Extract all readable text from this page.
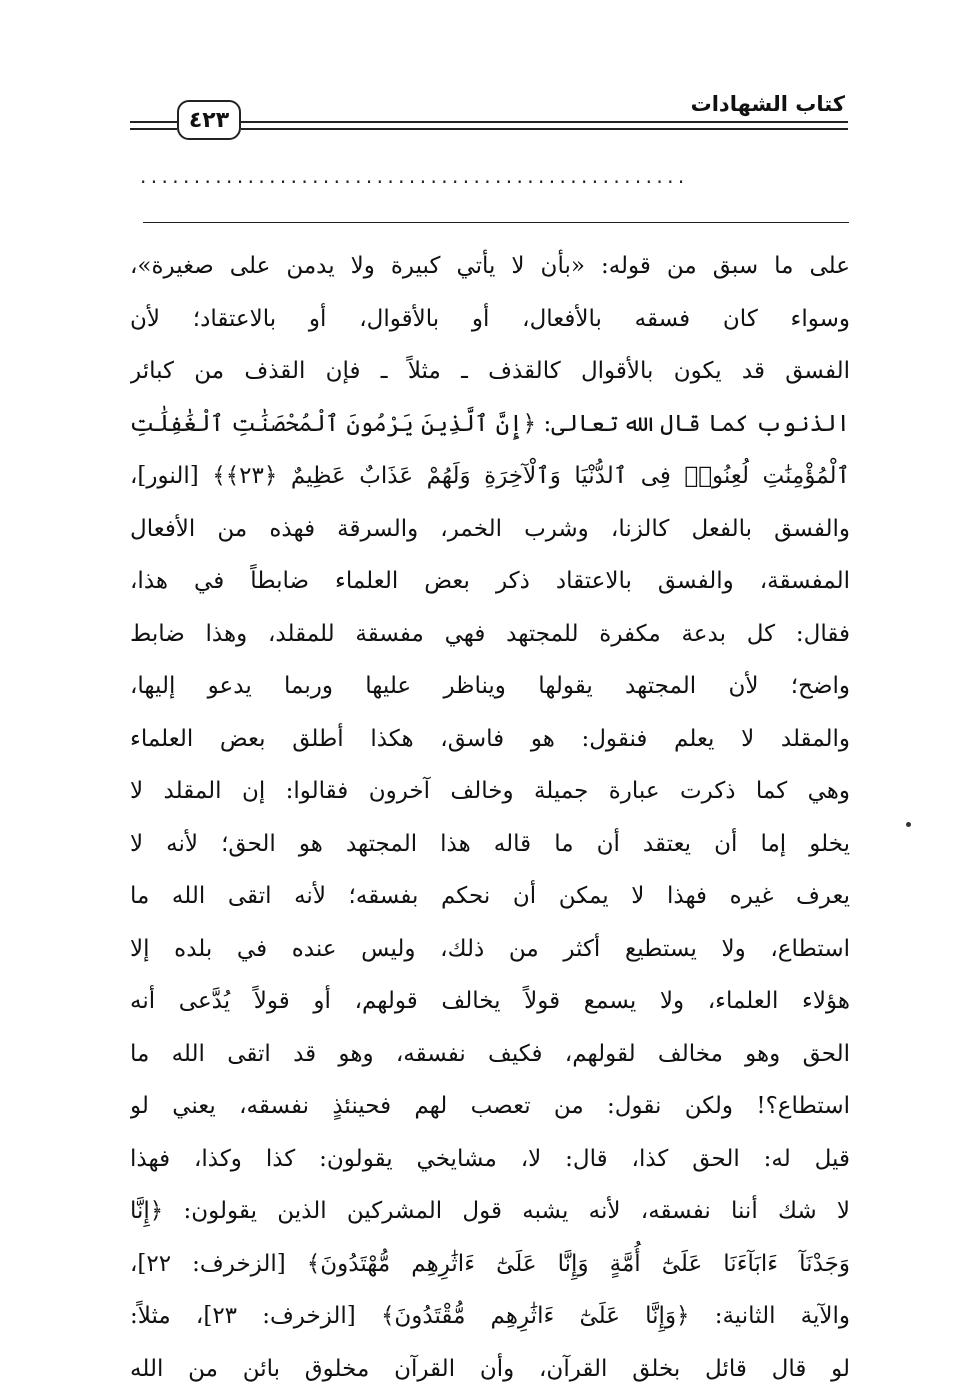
كتاب الشهادات
٤٢٣
...................................................
على ما سبق من قوله: «بأن لا يأتي كبيرة ولا يدمن على صغيرة»،
وسواء كان فسقه بالأفعال، أو بالأقوال، أو بالاعتقاد؛ لأن
الفسق قد يكون بالأقوال كالقذف ـ مثلاً ـ فإن القذف من كبائر
الذنوب كما قال الله تعالى: ﴿إِنَّ ٱلَّذِينَ يَرْمُونَ ٱلْمُحْصَنَٰتِ ٱلْغَٰفِلَٰتِ
ٱلْمُؤْمِنَٰتِ لُعِنُوا۟ فِى ٱلدُّنْيَا وَٱلْآخِرَةِ وَلَهُمْ عَذَابٌ عَظِيمٌ ﴿٢٣﴾﴾ [النور]،
والفسق بالفعل كالزنا، وشرب الخمر، والسرقة فهذه من الأفعال
المفسقة، والفسق بالاعتقاد ذكر بعض العلماء ضابطاً في هذا،
فقال: كل بدعة مكفرة للمجتهد فهي مفسقة للمقلد، وهذا ضابط
واضح؛ لأن المجتهد يقولها ويناظر عليها وربما يدعو إليها،
والمقلد لا يعلم فنقول: هو فاسق، هكذا أطلق بعض العلماء
وهي كما ذكرت عبارة جميلة وخالف آخرون فقالوا: إن المقلد لا
يخلو إما أن يعتقد أن ما قاله هذا المجتهد هو الحق؛ لأنه لا
يعرف غيره فهذا لا يمكن أن نحكم بفسقه؛ لأنه اتقى الله ما
استطاع، ولا يستطيع أكثر من ذلك، وليس عنده في بلده إلا
هؤلاء العلماء، ولا يسمع قولاً يخالف قولهم، أو قولاً يُدَّعى أنه
الحق وهو مخالف لقولهم، فكيف نفسقه، وهو قد اتقى الله ما
استطاع؟! ولكن نقول: من تعصب لهم فحينئذٍ نفسقه، يعني لو
قيل له: الحق كذا، قال: لا، مشايخي يقولون: كذا وكذا، فهذا
لا شك أننا نفسقه، لأنه يشبه قول المشركين الذين يقولون: ﴿إِنَّا
وَجَدْنَآ ءَابَآءَنَا عَلَىٰٓ أُمَّةٍ وَإِنَّا عَلَىٰٓ ءَاثَٰرِهِم مُّهْتَدُونَ﴾ [الزخرف: ٢٢]،
والآية الثانية: ﴿وَإِنَّا عَلَىٰٓ ءَاثَٰرِهِم مُّقْتَدُونَ﴾ [الزخرف: ٢٣]، مثلاً:
لو قال قائل بخلق القرآن، وأن القرآن مخلوق بائن من الله
